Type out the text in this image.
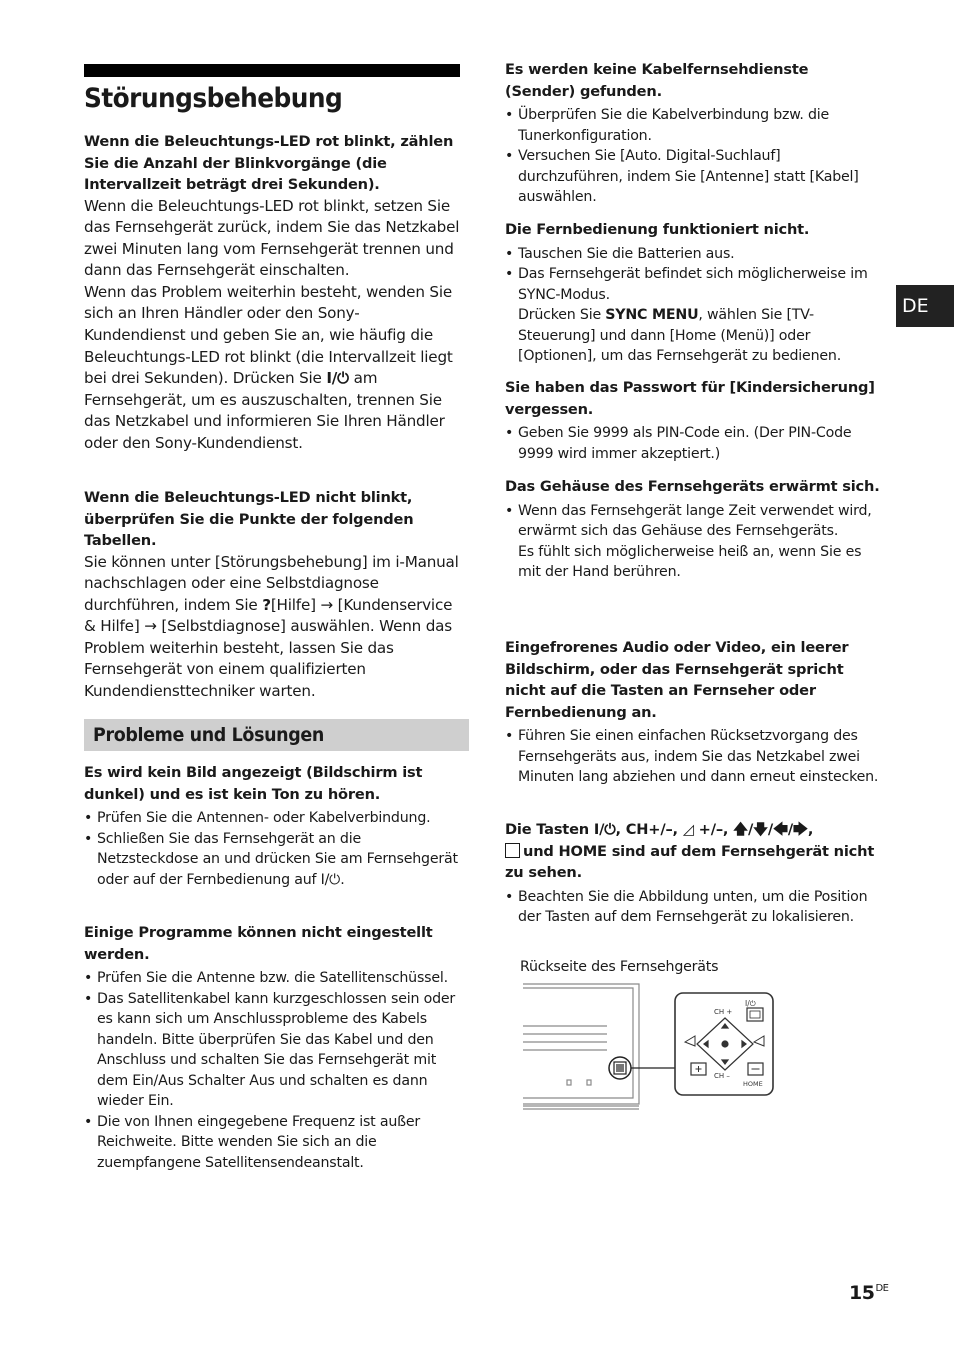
Störungsbehebung

Wenn die Beleuchtungs-LED rot blinkt, zählen Sie die Anzahl der Blinkvorgänge (die Intervallzeit beträgt drei Sekunden).

Wenn die Beleuchtungs-LED rot blinkt, setzen Sie das Fernsehgerät zurück, indem Sie das Netzkabel zwei Minuten lang vom Fernsehgerät trennen und dann das Fernsehgerät einschalten.

Wenn das Problem weiterhin besteht, wenden Sie sich an Ihren Händler oder den Sony-Kundendienst und geben Sie an, wie häufig die Beleuchtungs-LED rot blinkt (die Intervallzeit liegt bei drei Sekunden). Drücken Sie I/⏻ am Fernsehgerät, um es auszuschalten, trennen Sie das Netzkabel und informieren Sie Ihren Händler oder den Sony-Kundendienst.

Wenn die Beleuchtungs-LED nicht blinkt, überprüfen Sie die Punkte der folgenden Tabellen.

Sie können unter [Störungsbehebung] im i-Manual nachschlagen oder eine Selbstdiagnose durchführen, indem Sie ?[Hilfe] → [Kundenservice & Hilfe] → [Selbstdiagnose] auswählen. Wenn das Problem weiterhin besteht, lassen Sie das Fernsehgerät von einem qualifizierten Kundendiensttechniker warten.

Probleme und Lösungen

Es wird kein Bild angezeigt (Bildschirm ist dunkel) und es ist kein Ton zu hören.

• Prüfen Sie die Antennen- oder Kabelverbindung.
• Schließen Sie das Fernsehgerät an die Netzsteckdose an und drücken Sie am Fernsehgerät oder auf der Fernbedienung auf I/⏻.

Einige Programme können nicht eingestellt werden.

• Prüfen Sie die Antenne bzw. die Satellitenschüssel.
• Das Satellitenkabel kann kurzgeschlossen sein oder es kann sich um Anschlussprobleme des Kabels handeln. Bitte überprüfen Sie das Kabel und den Anschluss und schalten Sie das Fernsehgerät mit dem Ein/Aus Schalter Aus und schalten es dann wieder Ein.
• Die von Ihnen eingegebene Frequenz ist außer Reichweite. Bitte wenden Sie sich an die zuempfangene Satellitensendeanstalt.

Es werden keine Kabelfernsehdienste (Sender) gefunden.

• Überprüfen Sie die Kabelverbindung bzw. die Tunerkonfiguration.
• Versuchen Sie [Auto. Digital-Suchlauf] durchzuführen, indem Sie [Antenne] statt [Kabel] auswählen.

Die Fernbedienung funktioniert nicht.

• Tauschen Sie die Batterien aus.
• Das Fernsehgerät befindet sich möglicherweise im SYNC-Modus.
Drücken Sie SYNC MENU, wählen Sie [TV-Steuerung] und dann [Home (Menü)] oder [Optionen], um das Fernsehgerät zu bedienen.

Sie haben das Passwort für [Kindersicherung] vergessen.

• Geben Sie 9999 als PIN-Code ein. (Der PIN-Code 9999 wird immer akzeptiert.)

Das Gehäuse des Fernsehgeräts erwärmt sich.

• Wenn das Fernsehgerät lange Zeit verwendet wird, erwärmt sich das Gehäuse des Fernsehgeräts.
Es fühlt sich möglicherweise heiß an, wenn Sie es mit der Hand berühren.

Eingefrorenes Audio oder Video, ein leerer Bildschirm, oder das Fernsehgerät spricht nicht auf die Tasten an Fernseher oder Fernbedienung an.

• Führen Sie einen einfachen Rücksetzvorgang des Fernsehgeräts aus, indem Sie das Netzkabel zwei Minuten lang abziehen und dann erneut einstecken.

Die Tasten I/⏻, CH+/–, ◿ +/–, 🡅/🡇/🡄/🡆,
und HOME sind auf dem Fernsehgerät nicht zu sehen.

• Beachten Sie die Abbildung unten, um die Position der Tasten auf dem Fernsehgerät zu lokalisieren.
Rückseite des Fernsehgeräts
CH +
CH –
I/⏻
HOME
DE
15DE
